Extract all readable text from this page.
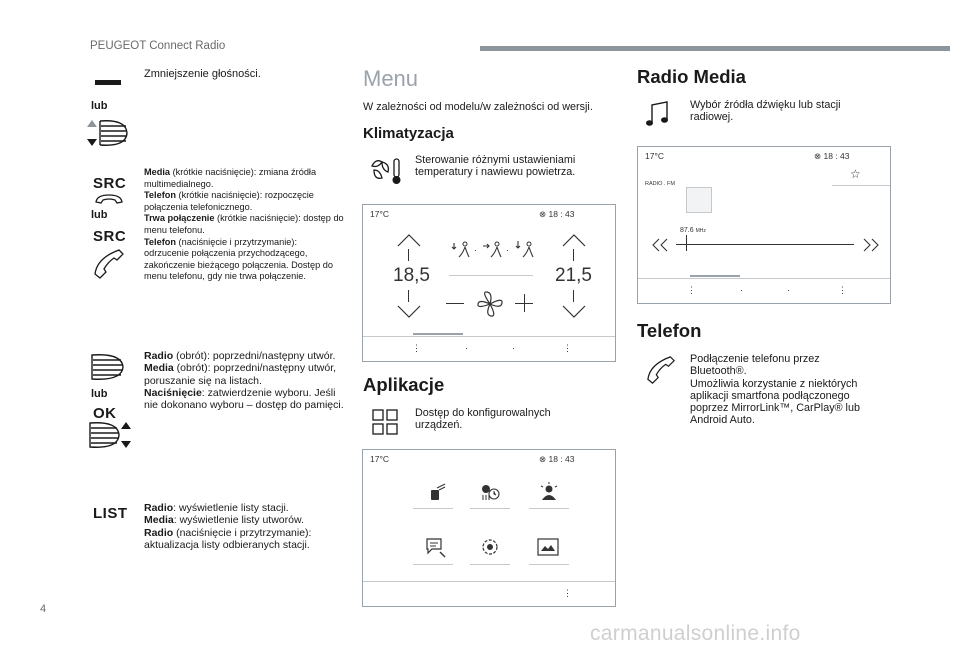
PEUGEOT Connect Radio
Zmniejszenie głośności.
lub
SRC
lub
SRC
Media (krótkie naciśnięcie): zmiana źródła multimedialnego.
Telefon (krótkie naciśnięcie): rozpoczęcie połączenia telefonicznego.
Trwa połączenie (krótkie naciśnięcie): dostęp do menu telefonu.
Telefon (naciśnięcie i przytrzymanie): odrzucenie połączenia przychodzącego, zakończenie bieżącego połączenia. Dostęp do menu telefonu, gdy nie trwa połączenie.
lub
OK
Radio (obrót): poprzedni/następny utwór.
Media (obrót): poprzedni/następny utwór, poruszanie się na listach.
Naciśnięcie: zatwierdzenie wyboru. Jeśli nie dokonano wyboru – dostęp do pamięci.
LIST Radio: wyświetlenie listy stacji.
Media: wyświetlenie listy utworów.
Radio (naciśnięcie i przytrzymanie): aktualizacja listy odbieranych stacji.
Menu
W zależności od modelu/w zależności od wersji.
Klimatyzacja
Sterowanie różnymi ustawieniami temperatury i nawiewu powietrza.
17°C	⊗ 18 : 43
18,5
·	·
21,5
⋮	·	·	⋮
Aplikacje
Dostęp do konfigurowalnych urządzeń.
17°C	⊗ 18 : 43
⋮
Radio Media
Wybór źródła dźwięku lub stacji radiowej.
17°C	⊗ 18 : 43
☆
RADIO . FM
87.6 MHz
⋮	·	·	⋮
Telefon
Podłączenie telefonu przez
Bluetooth®.
Umożliwia korzystanie z niektórych
aplikacji smartfona podłączonego
poprzez MirrorLink™, CarPlay® lub
Android Auto.
4
carmanualsonline.info
